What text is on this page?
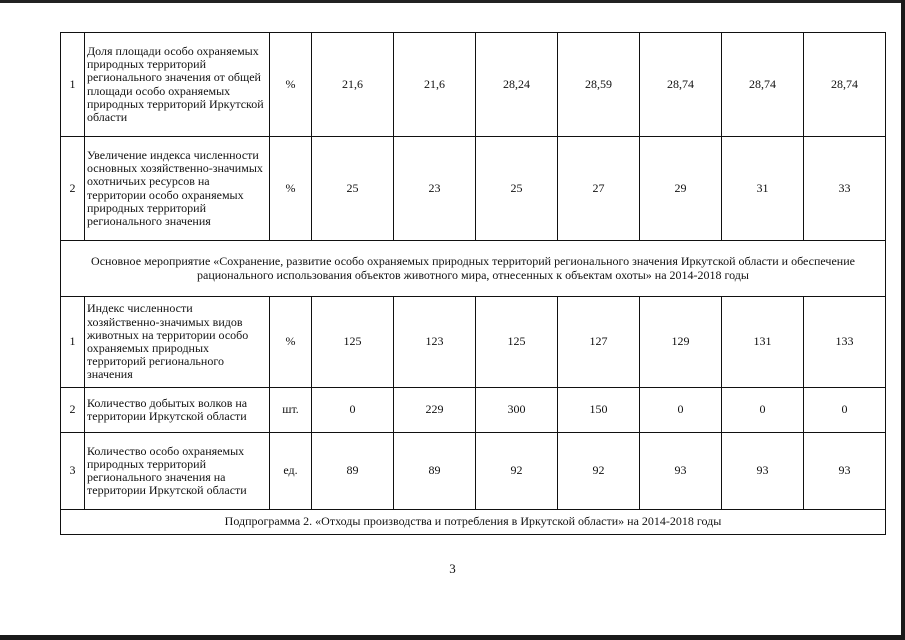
1	Доля площади особо охраняемых природных территорий регионального значения от общей площади особо охраняемых природных территорий Иркутской области	%	21,6	21,6	28,24	28,59	28,74	28,74	28,74
2	Увеличение индекса численности основных хозяйственно-значимых охотничьих ресурсов на территории особо охраняемых природных территорий регионального значения	%	25	23	25	27	29	31	33
Основное мероприятие «Сохранение, развитие особо охраняемых природных территорий регионального значения Иркутской области и обеспечение рационального использования объектов животного мира, отнесенных к объектам охоты» на 2014-2018 годы									
1	Индекс численности хозяйственно-значимых видов животных на территории особо охраняемых природных территорий регионального значения	%	125	123	125	127	129	131	133
2	Количество добытых волков на территории Иркутской области	шт.	0	229	300	150	0	0	0
3	Количество особо охраняемых природных территорий регионального значения на территории Иркутской области	ед.	89	89	92	92	93	93	93
Подпрограмма 2. «Отходы производства и потребления в Иркутской области» на 2014-2018 годы									
3
